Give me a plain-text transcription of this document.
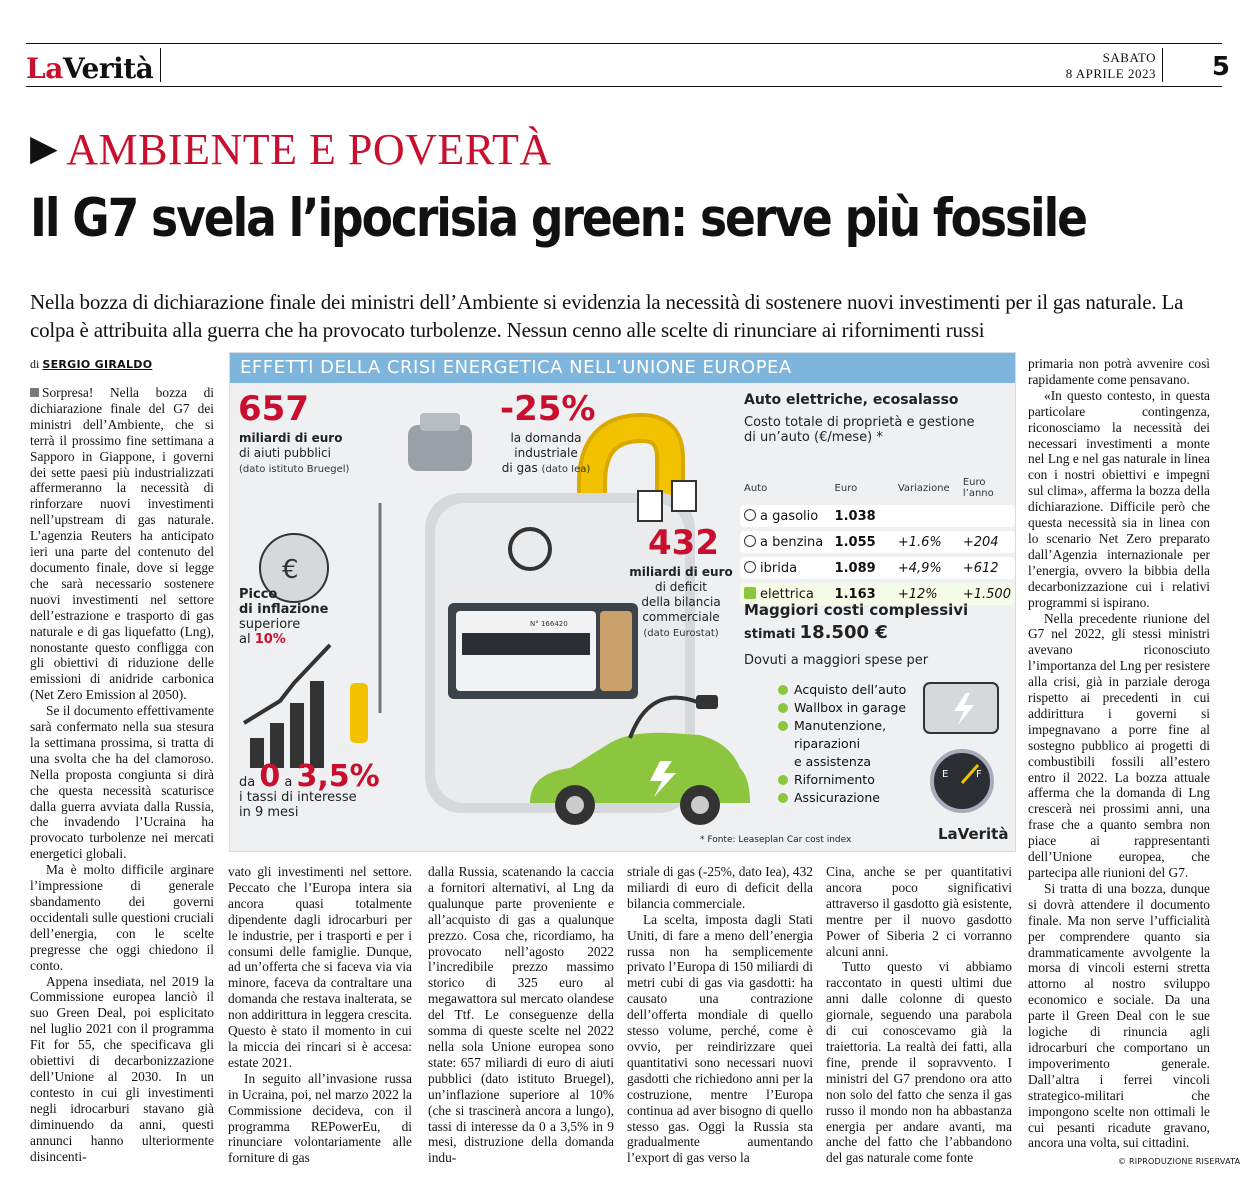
LaVerità	SABATO
8 APRILE 2023 5
▶ AMBIENTE E POVERTÀ
Il G7 svela l’ipocrisia green: serve più fossile
Nella bozza di dichiarazione finale dei ministri dell’Ambiente si evidenzia la necessità di sostenere nuovi investimenti per il gas naturale. La colpa è attribuita alla guerra che ha provocato turbolenze. Nessun cenno alle scelte di rinunciare ai rifornimenti russi
di SERGIO GIRALDO

Sorpresa! Nella bozza di dichiarazione finale del G7 dei ministri dell’Ambiente, che si terrà il prossimo fine settimana a Sapporo in Giappone, i governi dei sette paesi più industrializzati affermeranno la necessità di rinforzare nuovi investimenti nell’upstream di gas naturale. L’agenzia Reuters ha anticipato ieri una parte del contenuto del documento finale, dove si legge che sarà necessario sostenere nuovi investimenti nel settore dell’estrazione e trasporto di gas naturale e di gas liquefatto (Lng), nonostante questo confligga con gli obiettivi di riduzione delle emissioni di anidride carbonica (Net Zero Emission al 2050).

Se il documento effettivamente sarà confermato nella sua stesura la settimana prossima, si tratta di una svolta che ha del clamoroso. Nella proposta congiunta si dirà che questa necessità scaturisce dalla guerra avviata dalla Russia, che invadendo l’Ucraina ha provocato turbolenze nei mercati energetici globali.

Ma è molto difficile arginare l’impressione di generale sbandamento dei governi occidentali sulle questioni cruciali dell’energia, con le scelte pregresse che oggi chiedono il conto.

Appena insediata, nel 2019 la Commissione europea lanciò il suo Green Deal, poi esplicitato nel luglio 2021 con il programma Fit for 55, che specificava gli obiettivi di decarbonizzazione dell’Unione al 2030. In un contesto in cui gli investimenti negli idrocarburi stavano già diminuendo da anni, questi annunci hanno ulteriormente disincenti-

EFFETTI DELLA CRISI ENERGETICA NELL’UNIONE EUROPEA
N° 166420
€
657
miliardi di euro
di aiuti pubblici
(dato istituto Bruegel)
-25%
la domanda
industriale
di gas (dato Iea)
432
miliardi di euro
di deficit
della bilancia
commerciale
(dato Eurostat)
Picco
di inflazione
superiore
al 10%
da 0 a 3,5%
i tassi di interesse
in 9 mesi
Auto elettriche, ecosalasso
Costo totale di proprietà e gestione
di un’auto (€/mese) *
Auto	Euro	Variazione	Euro l’anno
a gasolio	1.038		
a benzina	1.055	+1.6%	+204
ibrida	1.089	+4,9%	+612
elettrica	1.163	+12%	+1.500
Maggiori costi complessivi
stimati 18.500 €
Dovuti a maggiori spese per
Acquisto dell’auto
Wallbox in garage
Manutenzione,
riparazioni
e assistenza
Rifornimento
Assicurazione
E	F
* Fonte: Leaseplan Car cost index	LaVerità

vato gli investimenti nel settore. Peccato che l’Europa intera sia ancora quasi totalmente dipendente dagli idrocarburi per le industrie, per i trasporti e per i consumi delle famiglie. Dunque, ad un’offerta che si faceva via via minore, faceva da contraltare una domanda che restava inalterata, se non addirittura in leggera crescita. Questo è stato il momento in cui la miccia dei rincari si è accesa: estate 2021.

In seguito all’invasione russa in Ucraina, poi, nel marzo 2022 la Commissione decideva, con il programma REPowerEu, di rinunciare volontariamente alle forniture di gas

dalla Russia, scatenando la caccia a fornitori alternativi, al Lng da qualunque parte proveniente e all’acquisto di gas a qualunque prezzo. Cosa che, ricordiamo, ha provocato nell’agosto 2022 l’incredibile prezzo massimo storico di 325 euro al megawattora sul mercato olandese del Ttf. Le conseguenze della somma di queste scelte nel 2022 nella sola Unione europea sono state: 657 miliardi di euro di aiuti pubblici (dato istituto Bruegel), un’inflazione superiore al 10% (che si trascinerà ancora a lungo), tassi di interesse da 0 a 3,5% in 9 mesi, distruzione della domanda indu-

striale di gas (-25%, dato Iea), 432 miliardi di euro di deficit della bilancia commerciale.

La scelta, imposta dagli Stati Uniti, di fare a meno dell’energia russa non ha semplicemente privato l’Europa di 150 miliardi di metri cubi di gas via gasdotti: ha causato una contrazione dell’offerta mondiale di quello stesso volume, perché, come è ovvio, per reindirizzare quei quantitativi sono necessari nuovi gasdotti che richiedono anni per la costruzione, mentre l’Europa continua ad aver bisogno di quello stesso gas. Oggi la Russia sta gradualmente aumentando l’export di gas verso la

Cina, anche se per quantitativi ancora poco significativi attraverso il gasdotto già esistente, mentre per il nuovo gasdotto Power of Siberia 2 ci vorranno alcuni anni.

Tutto questo vi abbiamo raccontato in questi ultimi due anni dalle colonne di questo giornale, seguendo una parabola di cui conoscevamo già la traiettoria. La realtà dei fatti, alla fine, prende il sopravvento. I ministri del G7 prendono ora atto non solo del fatto che senza il gas russo il mondo non ha abbastanza energia per andare avanti, ma anche del fatto che l’abbandono del gas naturale come fonte

primaria non potrà avvenire così rapidamente come pensavano.

«In questo contesto, in questa particolare contingenza, riconosciamo la necessità dei necessari investimenti a monte nel Lng e nel gas naturale in linea con i nostri obiettivi e impegni sul clima», afferma la bozza della dichiarazione. Difficile però che questa necessità sia in linea con lo scenario Net Zero preparato dall’Agenzia internazionale per l’energia, ovvero la bibbia della decarbonizzazione cui i relativi programmi si ispirano.

Nella precedente riunione del G7 nel 2022, gli stessi ministri avevano riconosciuto l’importanza del Lng per resistere alla crisi, già in parziale deroga rispetto ai precedenti in cui addirittura i governi si impegnavano a porre fine al sostegno pubblico ai progetti di combustibili fossili all’estero entro il 2022. La bozza attuale afferma che la domanda di Lng crescerà nei prossimi anni, una frase che a quanto sembra non piace ai rappresentanti dell’Unione europea, che partecipa alle riunioni del G7.

Si tratta di una bozza, dunque si dovrà attendere il documento finale. Ma non serve l’ufficialità per comprendere quanto sia drammaticamente avvolgente la morsa di vincoli esterni stretta attorno al nostro sviluppo economico e sociale. Da una parte il Green Deal con le sue logiche di rinuncia agli idrocarburi che comportano un impoverimento generale. Dall’altra i ferrei vincoli strategico-militari che impongono scelte non ottimali le cui pesanti ricadute gravano, ancora una volta, sui cittadini.

© RIPRODUZIONE RISERVATA
